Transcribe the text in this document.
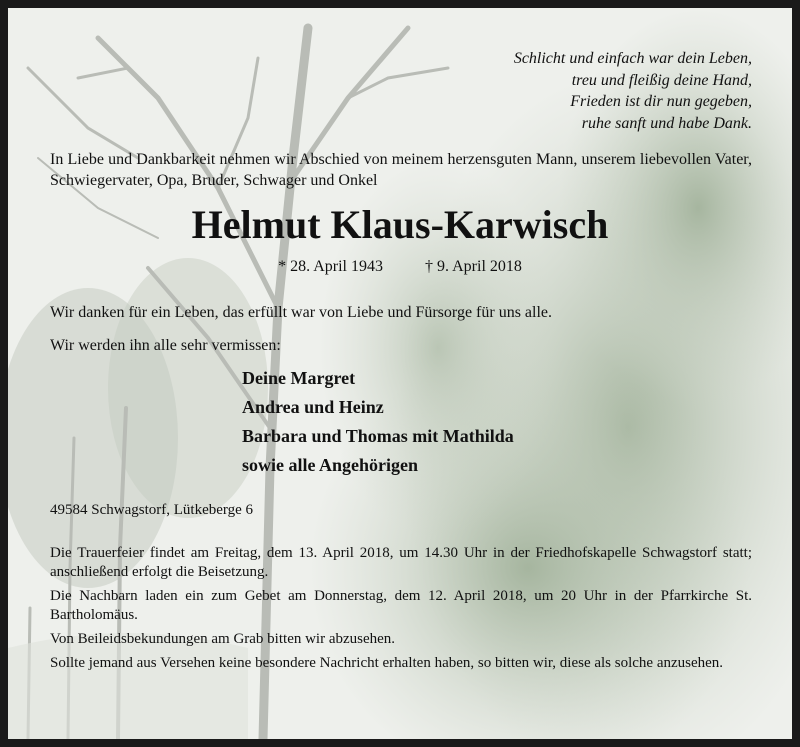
Schlicht und einfach war dein Leben,
treu und fleißig deine Hand,
Frieden ist dir nun gegeben,
ruhe sanft und habe Dank.
In Liebe und Dankbarkeit nehmen wir Abschied von meinem herzensguten Mann, unserem liebevollen Vater, Schwiegervater, Opa, Bruder, Schwager und Onkel
Helmut Klaus-Karwisch
* 28. April 1943	† 9. April 2018
Wir danken für ein Leben, das erfüllt war von Liebe und Fürsorge für uns alle.
Wir werden ihn alle sehr vermissen:
Deine Margret
Andrea und Heinz
Barbara und Thomas mit Mathilda
sowie alle Angehörigen
49584 Schwagstorf, Lütkeberge 6

Die Trauerfeier findet am Freitag, dem 13. April 2018, um 14.30 Uhr in der Friedhofskapelle Schwagstorf statt; anschließend erfolgt die Beisetzung.

Die Nachbarn laden ein zum Gebet am Donnerstag, dem 12. April 2018, um 20 Uhr in der Pfarrkirche St. Bartholomäus.

Von Beileidsbekundungen am Grab bitten wir abzusehen.

Sollte jemand aus Versehen keine besondere Nachricht erhalten haben, so bitten wir, diese als solche anzusehen.
